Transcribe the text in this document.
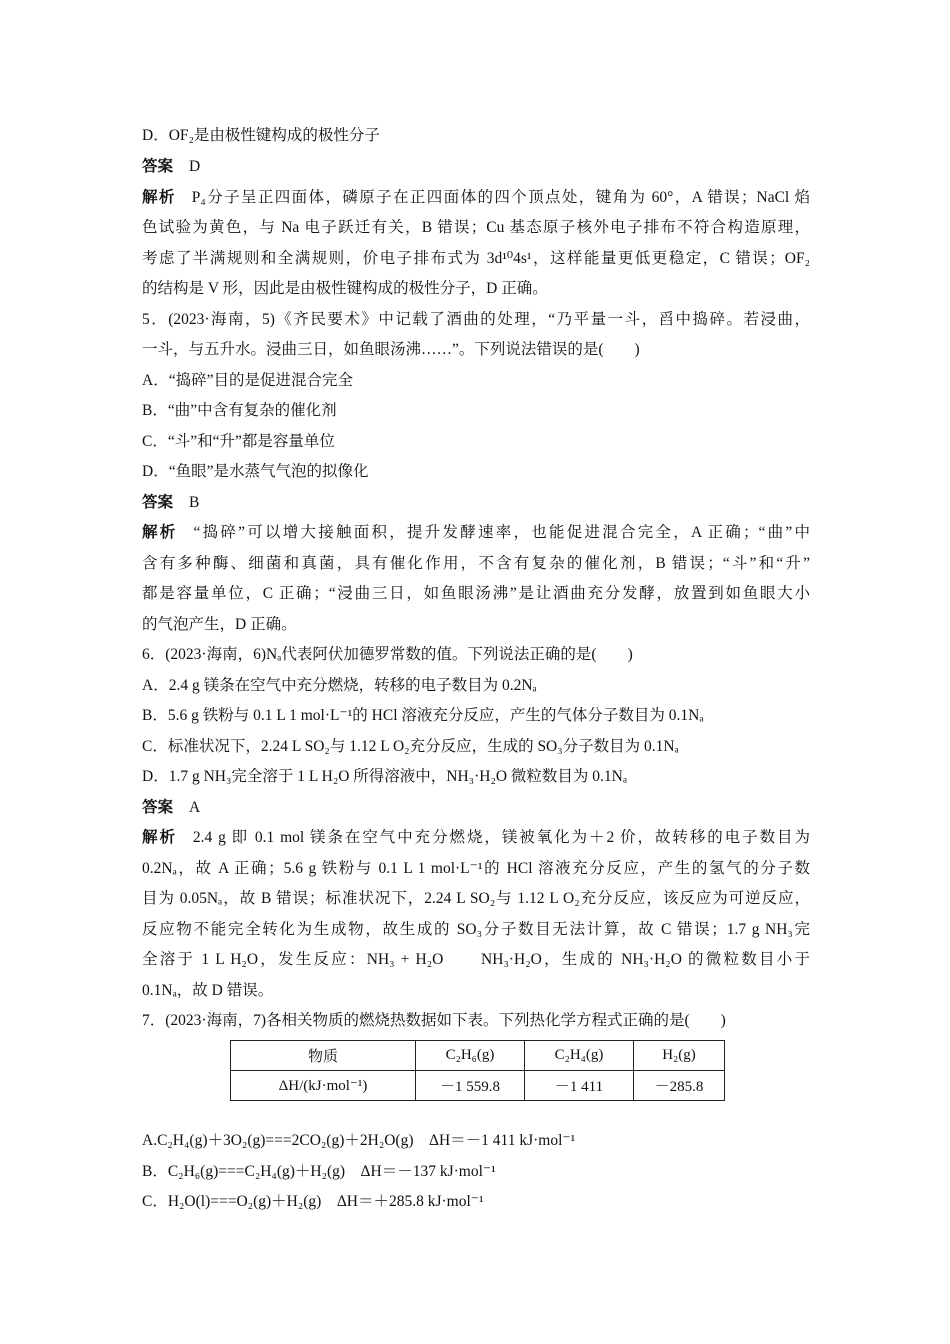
D．OF₂是由极性键构成的极性分子
答案 D
解析 P₄分子呈正四面体，磷原子在正四面体的四个顶点处，键角为 60°，A 错误；NaCl 焰
色试验为黄色，与 Na 电子跃迁有关，B 错误；Cu 基态原子核外电子排布不符合构造原理，
考虑了半满规则和全满规则，价电子排布式为 3d¹⁰4s¹，这样能量更低更稳定，C 错误；OF₂
的结构是 V 形，因此是由极性键构成的极性分子，D 正确。
5．(2023·海南，5)《齐民要术》中记载了酒曲的处理，“乃平量一斗，舀中捣碎。若浸曲，
一斗，与五升水。浸曲三日，如鱼眼汤沸……”。下列说法错误的是(　　)
A．“捣碎”目的是促进混合完全
B．“曲”中含有复杂的催化剂
C．“斗”和“升”都是容量单位
D．“鱼眼”是水蒸气气泡的拟像化
答案 B
解析 “捣碎”可以增大接触面积，提升发酵速率，也能促进混合完全，A 正确；“曲”中
含有多种酶、细菌和真菌，具有催化作用，不含有复杂的催化剂，B 错误；“斗”和“升”
都是容量单位，C 正确；“浸曲三日，如鱼眼汤沸”是让酒曲充分发酵，放置到如鱼眼大小
的气泡产生，D 正确。
6．(2023·海南，6)Nₐ代表阿伏加德罗常数的值。下列说法正确的是(　　)
A．2.4 g 镁条在空气中充分燃烧，转移的电子数目为 0.2Nₐ
B．5.6 g 铁粉与 0.1 L 1 mol·L⁻¹的 HCl 溶液充分反应，产生的气体分子数目为 0.1Nₐ
C．标准状况下，2.24 L SO₂与 1.12 L O₂充分反应，生成的 SO₃分子数目为 0.1Nₐ
D．1.7 g NH₃完全溶于 1 L H₂O 所得溶液中，NH₃·H₂O 微粒数目为 0.1Nₐ
答案 A
解析 2.4 g 即 0.1 mol 镁条在空气中充分燃烧，镁被氧化为＋2 价，故转移的电子数目为
0.2Nₐ，故 A 正确；5.6 g 铁粉与 0.1 L 1 mol·L⁻¹的 HCl 溶液充分反应，产生的氢气的分子数
目为 0.05Nₐ，故 B 错误；标准状况下，2.24 L SO₂与 1.12 L O₂充分反应，该反应为可逆反应，
反应物不能完全转化为生成物，故生成的 SO₃分子数目无法计算，故 C 错误；1.7 g NH₃完
全溶于 1 L H₂O，发生反应：NH₃ + H₂O　　NH₃·H₂O，生成的 NH₃·H₂O 的微粒数目小于
0.1Nₐ，故 D 错误。
7．(2023·海南，7)各相关物质的燃烧热数据如下表。下列热化学方程式正确的是(　　)
物质	C₂H₆(g)	C₂H₄(g)	H₂(g)
ΔH/(kJ·mol⁻¹)	－1 559.8	－1 411	－285.8
A.C₂H₄(g)＋3O₂(g)===2CO₂(g)＋2H₂O(g)　ΔH＝－1 411 kJ·mol⁻¹
B．C₂H₆(g)===C₂H₄(g)＋H₂(g)　ΔH＝－137 kJ·mol⁻¹
C．H₂O(l)===O₂(g)＋H₂(g)　ΔH＝＋285.8 kJ·mol⁻¹
